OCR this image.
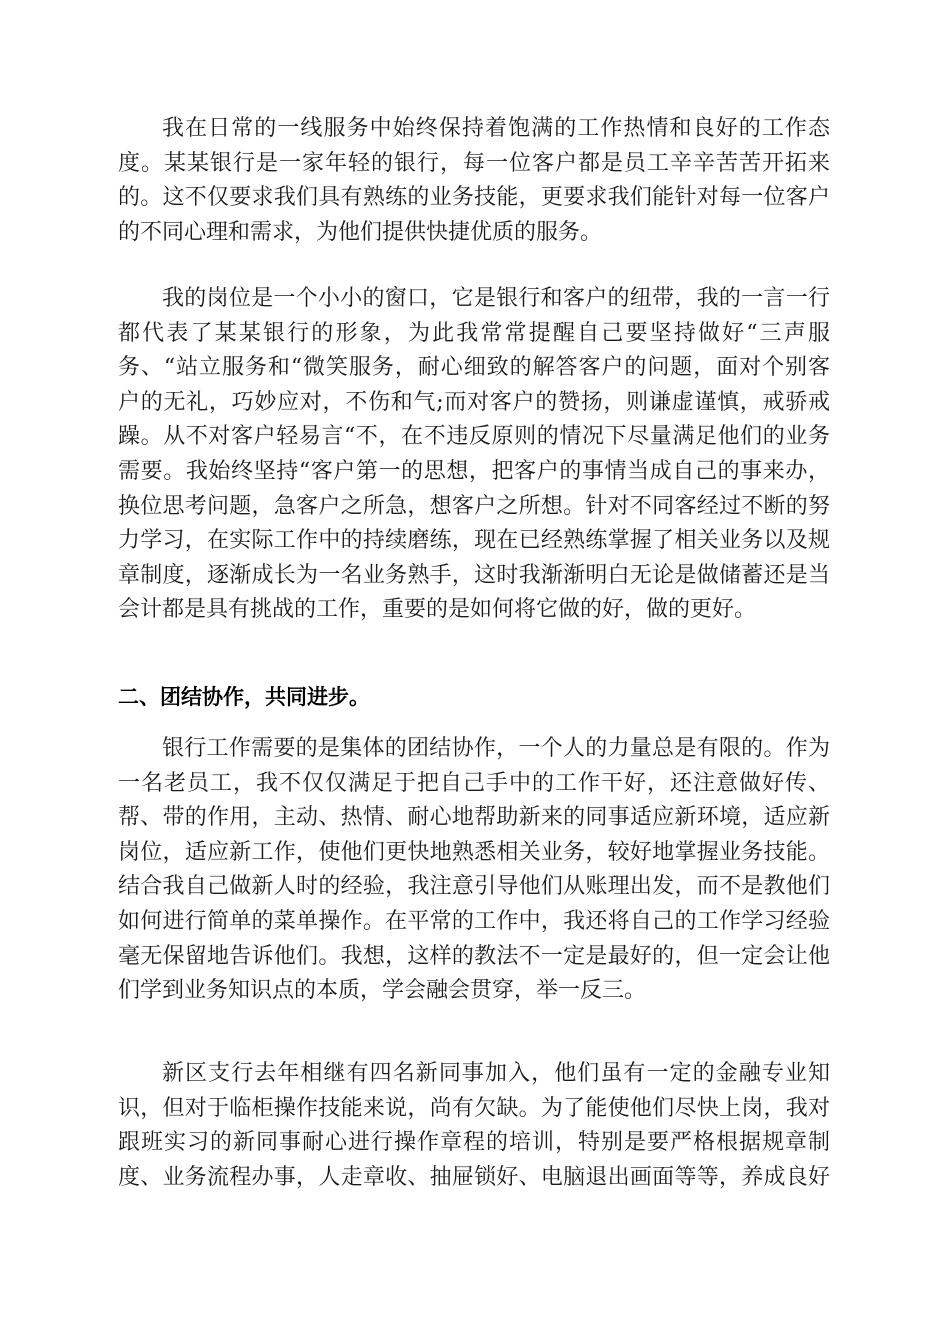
我在日常的一线服务中始终保持着饱满的工作热情和良好的工作态
度。某某银行是一家年轻的银行，每一位客户都是员工辛辛苦苦开拓来
的。这不仅要求我们具有熟练的业务技能，更要求我们能针对每一位客户
的不同心理和需求，为他们提供快捷优质的服务。
我的岗位是一个小小的窗口，它是银行和客户的纽带，我的一言一行
都代表了某某银行的形象，为此我常常提醒自己要坚持做好“三声服
务、“站立服务和“微笑服务，耐心细致的解答客户的问题，面对个别客
户的无礼，巧妙应对，不伤和气;而对客户的赞扬，则谦虚谨慎，戒骄戒
躁。从不对客户轻易言“不，在不违反原则的情况下尽量满足他们的业务
需要。我始终坚持“客户第一的思想，把客户的事情当成自己的事来办，
换位思考问题，急客户之所急，想客户之所想。针对不同客经过不断的努
力学习，在实际工作中的持续磨练，现在已经熟练掌握了相关业务以及规
章制度，逐渐成长为一名业务熟手，这时我渐渐明白无论是做储蓄还是当
会计都是具有挑战的工作，重要的是如何将它做的好，做的更好。
二、团结协作，共同进步。
银行工作需要的是集体的团结协作，一个人的力量总是有限的。作为
一名老员工，我不仅仅满足于把自己手中的工作干好，还注意做好传、
帮、带的作用，主动、热情、耐心地帮助新来的同事适应新环境，适应新
岗位，适应新工作，使他们更快地熟悉相关业务，较好地掌握业务技能。
结合我自己做新人时的经验，我注意引导他们从账理出发，而不是教他们
如何进行简单的菜单操作。在平常的工作中，我还将自己的工作学习经验
毫无保留地告诉他们。我想，这样的教法不一定是最好的，但一定会让他
们学到业务知识点的本质，学会融会贯穿，举一反三。
新区支行去年相继有四名新同事加入，他们虽有一定的金融专业知
识，但对于临柜操作技能来说，尚有欠缺。为了能使他们尽快上岗，我对
跟班实习的新同事耐心进行操作章程的培训，特别是要严格根据规章制
度、业务流程办事，人走章收、抽屉锁好、电脑退出画面等等，养成良好
